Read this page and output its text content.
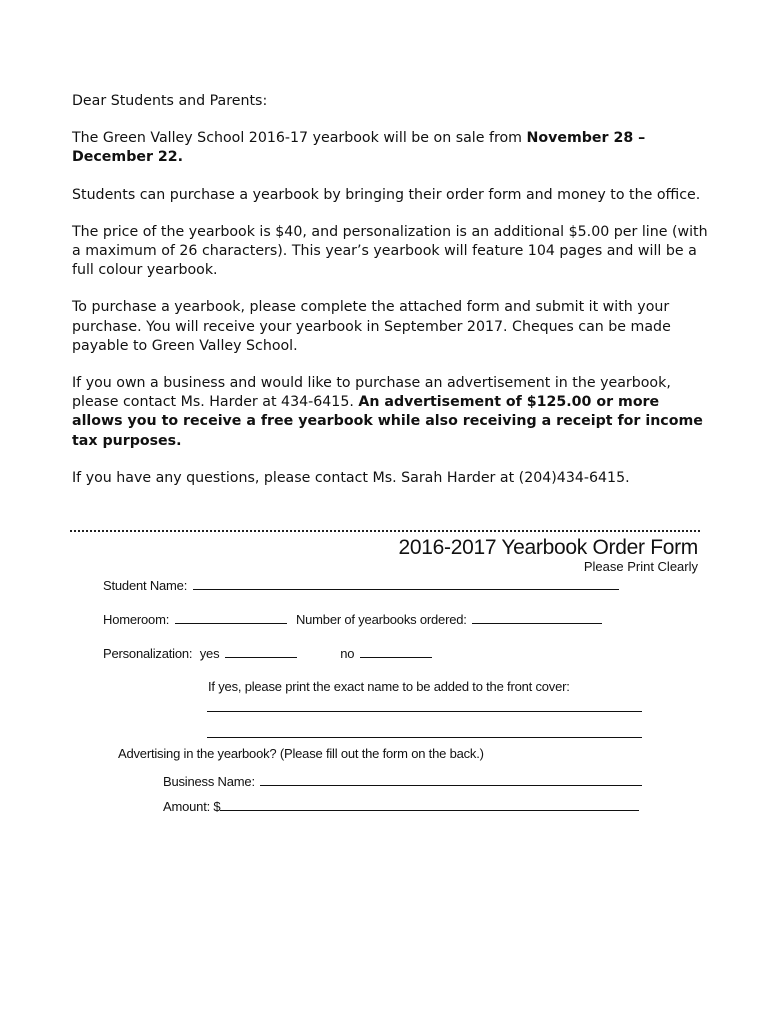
Dear Students and Parents:

The Green Valley School 2016-17 yearbook will be on sale from November 28 – December 22.

Students can purchase a yearbook by bringing their order form and money to the office.

The price of the yearbook is $40, and personalization is an additional $5.00 per line (with a maximum of 26 characters). This year’s yearbook will feature 104 pages and will be a full colour yearbook.

To purchase a yearbook, please complete the attached form and submit it with your purchase. You will receive your yearbook in September 2017. Cheques can be made payable to Green Valley School.

If you own a business and would like to purchase an advertisement in the yearbook, please contact Ms. Harder at 434-6415. An advertisement of $125.00 or more allows you to receive a free yearbook while also receiving a receipt for income tax purposes.

If you have any questions, please contact Ms. Sarah Harder at (204)434-6415.

2016-2017 Yearbook Order Form
Please Print Clearly
Student Name:
Homeroom:	Number of yearbooks ordered:
Personalization: yes	no
If yes, please print the exact name to be added to the front cover:
Advertising in the yearbook? (Please fill out the form on the back.)
Business Name:
Amount: $
